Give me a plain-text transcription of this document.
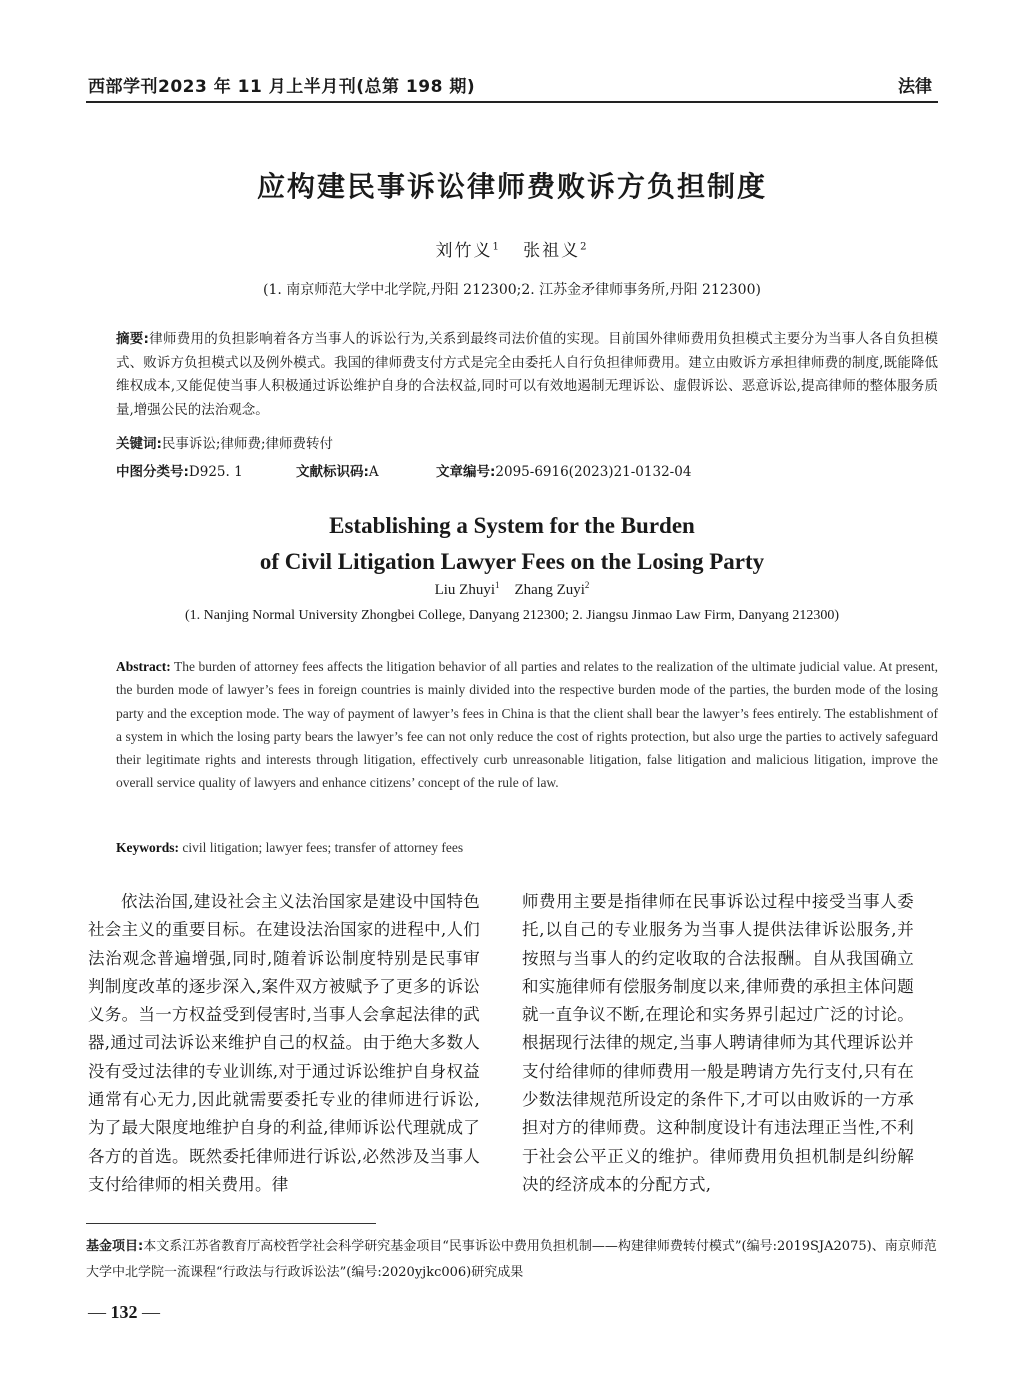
西部学刊2023 年 11 月上半月刊(总第 198 期)	法律
应构建民事诉讼律师费败诉方负担制度
刘竹义$^1$ 张祖义$^2$
(1. 南京师范大学中北学院,丹阳 212300;2. 江苏金矛律师事务所,丹阳 212300)
摘要:律师费用的负担影响着各方当事人的诉讼行为,关系到最终司法价值的实现。目前国外律师费用负担模式主要分为当事人各自负担模式、败诉方负担模式以及例外模式。我国的律师费支付方式是完全由委托人自行负担律师费用。建立由败诉方承担律师费的制度,既能降低维权成本,又能促使当事人积极通过诉讼维护自身的合法权益,同时可以有效地遏制无理诉讼、虚假诉讼、恶意诉讼,提高律师的整体服务质量,增强公民的法治观念。
关键词:民事诉讼;律师费;律师费转付
中图分类号:D925. 1	文献标识码:A	文章编号:2095-6916(2023)21-0132-04
Establishing a System for the Burden
of Civil Litigation Lawyer Fees on the Losing Party
Liu Zhuyi$^1$ Zhang Zuyi$^2$
(1. Nanjing Normal University Zhongbei College, Danyang 212300; 2. Jiangsu Jinmao Law Firm, Danyang 212300)
Abstract: The burden of attorney fees affects the litigation behavior of all parties and relates to the realization of the ultimate judicial value. At present, the burden mode of lawyer’s fees in foreign countries is mainly divided into the respective burden mode of the parties, the burden mode of the losing party and the exception mode. The way of payment of lawyer’s fees in China is that the client shall bear the lawyer’s fees entirely. The establishment of a system in which the losing party bears the lawyer’s fee can not only reduce the cost of rights protection, but also urge the parties to actively safeguard their legitimate rights and interests through litigation, effectively curb unreasonable litigation, false litigation and malicious litigation, improve the overall service quality of lawyers and enhance citizens’ concept of the rule of law.
Keywords: civil litigation; lawyer fees; transfer of attorney fees
依法治国,建设社会主义法治国家是建设中国特色社会主义的重要目标。在建设法治国家的进程中,人们法治观念普遍增强,同时,随着诉讼制度特别是民事审判制度改革的逐步深入,案件双方被赋予了更多的诉讼义务。当一方权益受到侵害时,当事人会拿起法律的武器,通过司法诉讼来维护自己的权益。由于绝大多数人没有受过法律的专业训练,对于通过诉讼维护自身权益通常有心无力,因此就需要委托专业的律师进行诉讼,为了最大限度地维护自身的利益,律师诉讼代理就成了各方的首选。既然委托律师进行诉讼,必然涉及当事人支付给律师的相关费用。律
师费用主要是指律师在民事诉讼过程中接受当事人委托,以自己的专业服务为当事人提供法律诉讼服务,并按照与当事人的约定收取的合法报酬。自从我国确立和实施律师有偿服务制度以来,律师费的承担主体问题就一直争议不断,在理论和实务界引起过广泛的讨论。根据现行法律的规定,当事人聘请律师为其代理诉讼并支付给律师的律师费用一般是聘请方先行支付,只有在少数法律规范所设定的条件下,才可以由败诉的一方承担对方的律师费。这种制度设计有违法理正当性,不利于社会公平正义的维护。律师费用负担机制是纠纷解决的经济成本的分配方式,
基金项目:本文系江苏省教育厅高校哲学社会科学研究基金项目“民事诉讼中费用负担机制——构建律师费转付模式”(编号:2019SJA2075)、南京师范大学中北学院一流课程“行政法与行政诉讼法”(编号:2020yjkc006)研究成果
— 132 —
